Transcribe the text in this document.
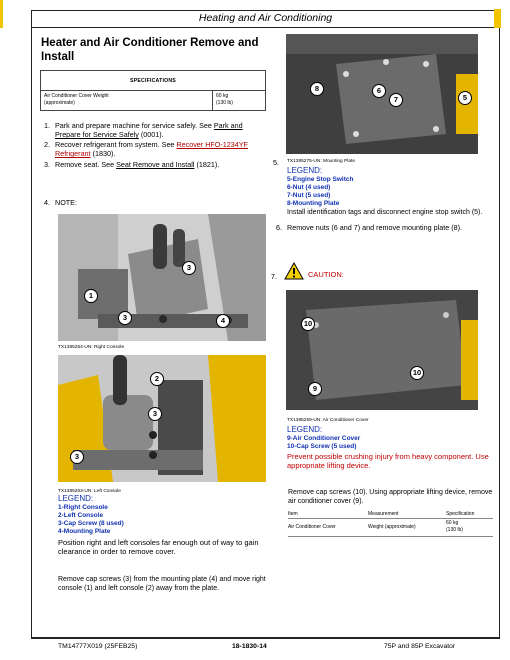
Heating and Air Conditioning
Heater and Air Conditioner Remove and Install
SPECIFICATIONS
Air Conditioner Cover Weight
(approximate)
60 kg
(130 lb)
1. Park and prepare machine for service safely. See Park and Prepare for Service Safely (0001).
2. Recover refrigerant from system. See Recover HFO-1234YF Refrigerant (1830).
3. Remove seat. See Seat Remove and Install (1821).
4. NOTE:
3
1
3	4
TX1385264-UN: Right Console
2
3
3
TX1385263-UN: Left Console
LEGEND:
1-Right Console
2-Left Console
3-Cap Screw (8 used)
4-Mounting Plate
Position right and left consoles far enough out of way to gain clearance in order to remove cover.
Remove cap screws (3) from the mounting plate (4) and move right console (1) and left console (2) away from the plate.
8	6
7	5
5. TX1385275-UN: Mounting Plate
LEGEND:
5-Engine Stop Switch
6-Nut (4 used)
7-Nut (5 used)
8-Mounting Plate
Install identification tags and disconnect engine stop switch (5).
6. Remove nuts (6 and 7) and remove mounting plate (8).
7.	CAUTION:
10
10
9
TX1385259-UN: Air Conditioner Cover
LEGEND:
9-Air Conditioner Cover
10-Cap Screw (5 used)
Prevent possible crushing injury from heavy component. Use appropriate lifting device.
Remove cap screws (10). Using appropriate lifting device, remove air conditioner cover (9).
Item	Measurement	Specification
Air Conditioner Cover	Weight (approximate)
60 kg
(130 lb)
TM14777X019 (25FEB25)	18-1830-14	75P and 85P Excavator
